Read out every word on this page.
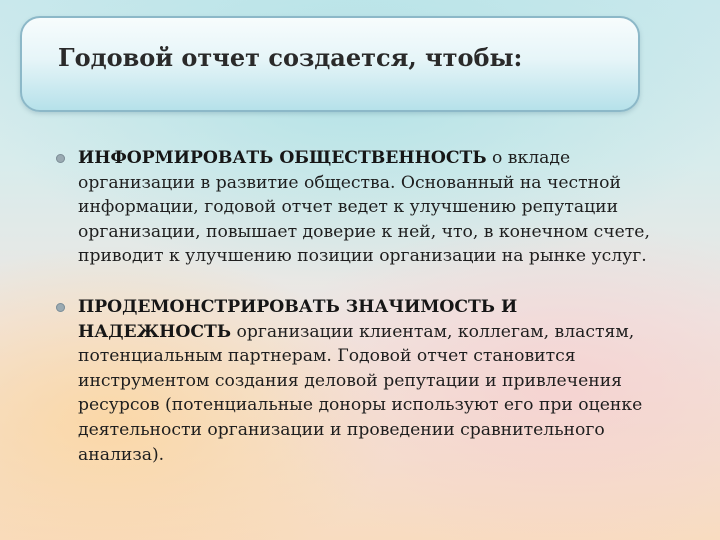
Годовой отчет создается, чтобы:
ИНФОРМИРОВАТЬ ОБЩЕСТВЕННОСТЬ о вкладе организации в развитие общества. Основанный на честной информации, годовой отчет ведет к улучшению репутации организации, повышает доверие к ней, что, в конечном счете, приводит к улучшению позиции организации на рынке услуг.
ПРОДЕМОНСТРИРОВАТЬ ЗНАЧИМОСТЬ И НАДЕЖНОСТЬ организации клиентам, коллегам, властям, потенциальным партнерам. Годовой отчет становится инструментом создания деловой репутации и привлечения ресурсов (потенциальные доноры используют его при оценке деятельности организации и проведении сравнительного анализа).
